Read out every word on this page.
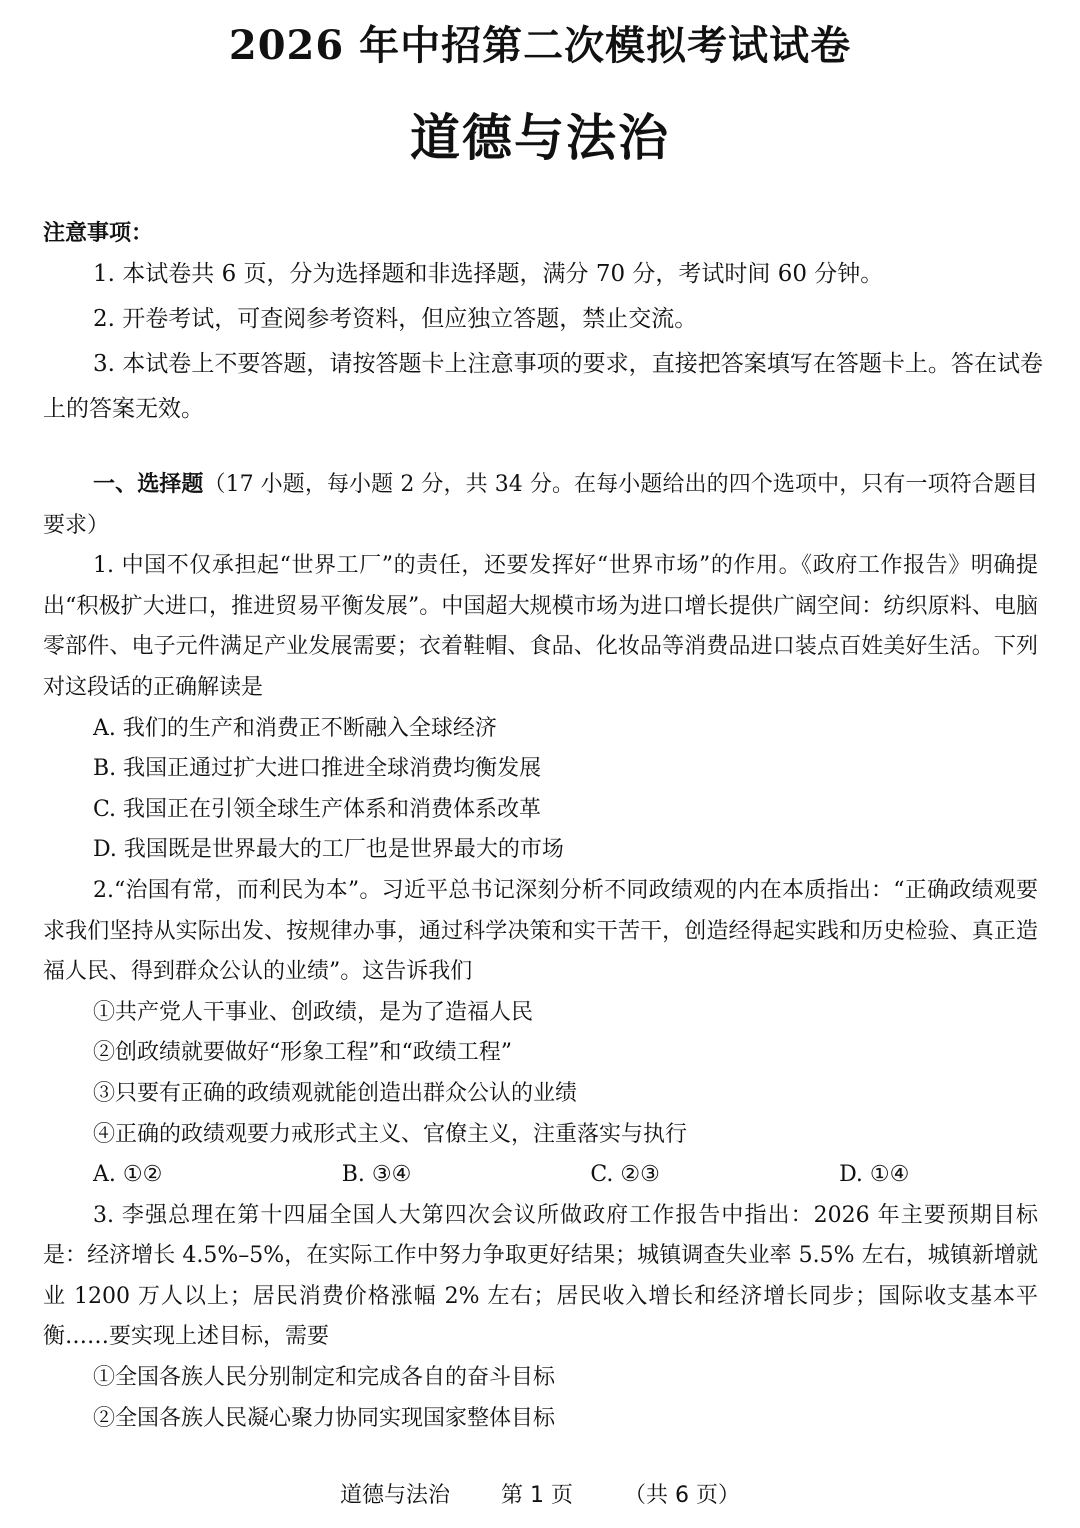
2026 年中招第二次模拟考试试卷
道德与法治
注意事项：
1. 本试卷共 6 页，分为选择题和非选择题，满分 70 分，考试时间 60 分钟。
2. 开卷考试，可查阅参考资料，但应独立答题，禁止交流。
3. 本试卷上不要答题，请按答题卡上注意事项的要求，直接把答案填写在答题卡上。答在试卷上的答案无效。
一、选择题（17 小题，每小题 2 分，共 34 分。在每小题给出的四个选项中，只有一项符合题目要求）
1. 中国不仅承担起“世界工厂”的责任，还要发挥好“世界市场”的作用。《政府工作报告》明确提出“积极扩大进口，推进贸易平衡发展”。中国超大规模市场为进口增长提供广阔空间：纺织原料、电脑零部件、电子元件满足产业发展需要；衣着鞋帽、食品、化妆品等消费品进口装点百姓美好生活。下列对这段话的正确解读是
A. 我们的生产和消费正不断融入全球经济
B. 我国正通过扩大进口推进全球消费均衡发展
C. 我国正在引领全球生产体系和消费体系改革
D. 我国既是世界最大的工厂也是世界最大的市场
2.“治国有常，而利民为本”。习近平总书记深刻分析不同政绩观的内在本质指出：“正确政绩观要求我们坚持从实际出发、按规律办事，通过科学决策和实干苦干，创造经得起实践和历史检验、真正造福人民、得到群众公认的业绩”。这告诉我们
①共产党人干事业、创政绩，是为了造福人民
②创政绩就要做好“形象工程”和“政绩工程”
③只要有正确的政绩观就能创造出群众公认的业绩
④正确的政绩观要力戒形式主义、官僚主义，注重落实与执行
A. ①②	B. ③④	C. ②③	D. ①④
3. 李强总理在第十四届全国人大第四次会议所做政府工作报告中指出：2026 年主要预期目标是：经济增长 4.5%–5%，在实际工作中努力争取更好结果；城镇调查失业率 5.5% 左右，城镇新增就业 1200 万人以上；居民消费价格涨幅 2% 左右；居民收入增长和经济增长同步；国际收支基本平衡……要实现上述目标，需要
①全国各族人民分别制定和完成各自的奋斗目标
②全国各族人民凝心聚力协同实现国家整体目标
道德与法治 第 1 页 （共 6 页）
